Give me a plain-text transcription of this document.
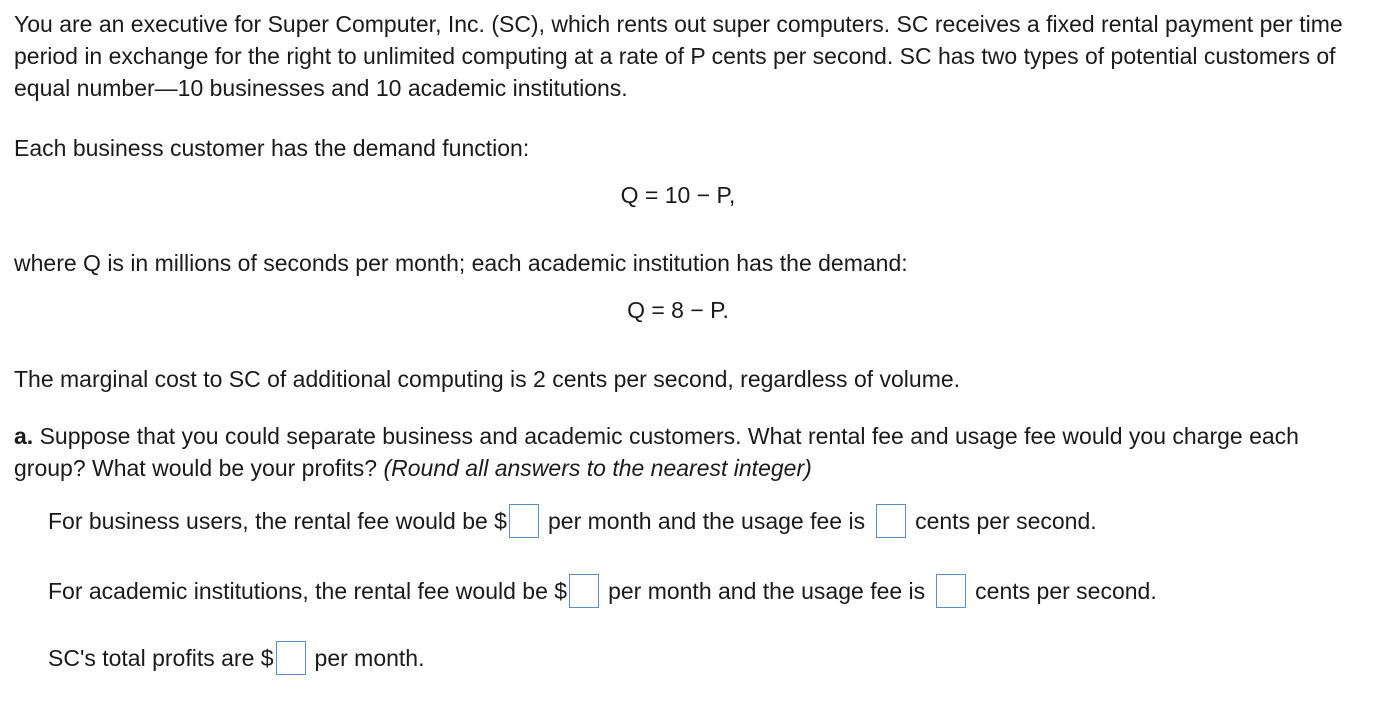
You are an executive for Super Computer, Inc. (SC), which rents out super computers. SC receives a fixed rental payment per time period in exchange for the right to unlimited computing at a rate of P cents per second. SC has two types of potential customers of equal number—10 businesses and 10 academic institutions.

Each business customer has the demand function:

Q = 10 − P,

where Q is in millions of seconds per month; each academic institution has the demand:

Q = 8 − P.

The marginal cost to SC of additional computing is 2 cents per second, regardless of volume.

a. Suppose that you could separate business and academic customers. What rental fee and usage fee would you charge each group? What would be your profits? (Round all answers to the nearest integer)

For business users, the rental fee would be $ per month and the usage fee is cents per second.
For academic institutions, the rental fee would be $ per month and the usage fee is cents per second.
SC's total profits are $ per month.
